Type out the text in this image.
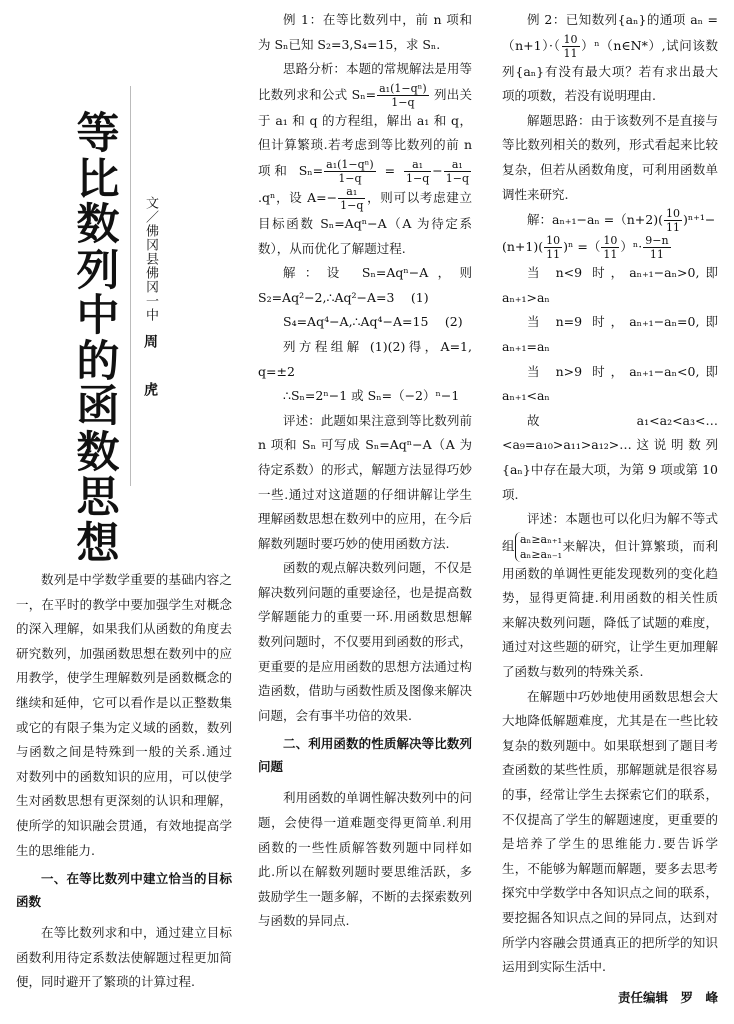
等比数列中的函数思想
文／佛冈县佛冈一中
周　虎

数列是中学数学重要的基础内容之一，在平时的教学中要加强学生对概念的深入理解，如果我们从函数的角度去研究数列，加强函数思想在数列中的应用教学，使学生理解数列是函数概念的继续和延伸，它可以看作是以正整数集或它的有限子集为定义域的函数，数列与函数之间是特殊到一般的关系.通过对数列中的函数知识的应用，可以使学生对函数思想有更深刻的认识和理解，使所学的知识融会贯通，有效地提高学生的思维能力.

一、在等比数列中建立恰当的目标函数

在等比数列求和中，通过建立目标函数利用待定系数法使解题过程更加简便，同时避开了繁琐的计算过程.

例 1：在等比数列中，前 n 项和为 Sₙ已知 S₂=3,S₄=15，求 Sₙ.

思路分析：本题的常规解法是用等比数列求和公式 $S_n= \frac{\text{a₁(1−qⁿ)}}{1-q}$ 列出关于 a₁ 和 q 的方程组，解出 a₁ 和 q，但计算繁琐.若考虑到等比数列的前 n 项和 $S_n= \frac{\text{a₁(1−qⁿ)}}{1-q} = \frac{\text{a₁}}{1-q} - \frac{\text{a₁}}{1-q}$
.qⁿ，设 $A=- \frac{\text{a₁}}{1-q}$ ，则可以考虑建立目标函数 Sₙ=Aqⁿ−A（A 为待定系数），从而优化了解题过程.

解：设 Sₙ=Aqⁿ−A，则 S₂=Aq²−2,∴Aq²−A=3　 (1)

S₄=Aq⁴−A,∴Aq⁴−A=15　 (2)

列方程组解 (1)(2)得，A=1, q=±2

∴Sₙ=2ⁿ−1 或 Sₙ=（−2）ⁿ−1

评述：此题如果注意到等比数列前 n 项和 Sₙ 可写成 Sₙ=Aqⁿ−A（A 为待定系数）的形式，解题方法显得巧妙一些.通过对这道题的仔细讲解让学生理解函数思想在数列中的应用，在今后解数列题时要巧妙的使用函数方法.

函数的观点解决数列问题，不仅是解决数列问题的重要途径，也是提高数学解题能力的重要一环.用函数思想解数列问题时，不仅要用到函数的形式，更重要的是应用函数的思想方法通过构造函数，借助与函数性质及图像来解决问题，会有事半功倍的效果.

二、利用函数的性质解决等比数列问题

利用函数的单调性解决数列中的问题，会使得一道难题变得更简单.利用函数的一些性质解答数列题中同样如此.所以在解数列题时要思维活跃，多鼓励学生一题多解，不断的去探索数列与函数的异同点.

例 2：已知数列{aₙ}的通项 $a_n =(n+1)\cdot( \frac{10}{11}$ ）ⁿ（n∈N*）,试问该数列{aₙ}有没有最大项？若有求出最大项的项数，若没有说明理由.

解题思路：由于该数列不是直接与等比数列相关的数列，形式看起来比较复杂，但若从函数角度，可利用函数单调性来研究.

解：$a_{n+1}-a_n =(n+2)( \frac{10}{11} )^{n+1}-$

$(n+1)( \frac{10}{11} )^n$ =（ $\frac{10}{11} )^n\cdot \frac{9-n}{11}$

当 n<9 时，aₙ₊₁−aₙ>0,即 aₙ₊₁>aₙ

当 n=9 时，aₙ₊₁−aₙ=0,即 aₙ₊₁=aₙ

当 n>9 时，aₙ₊₁−aₙ<0,即 aₙ₊₁<aₙ

故 a₁<a₂<a₃<…<a₉=a₁₀>a₁₁>a₁₂>…这说明数列{aₙ}中存在最大项，为第 9 项或第 10 项.

评述：本题也可以化归为解不等式组 aₙ≥aₙ₊₁
aₙ≥aₙ₋₁
来解决，但计算繁琐，而利用函数的单调性更能发现数列的变化趋势，显得更简捷.利用函数的相关性质来解决数列问题，降低了试题的难度，通过对这些题的研究，让学生更加理解了函数与数列的特殊关系.

在解题中巧妙地使用函数思想会大大地降低解题难度，尤其是在一些比较复杂的数列题中。如果联想到了题目考查函数的某些性质，那解题就是很容易的事，经常让学生去探索它们的联系，不仅提高了学生的解题速度，更重要的是培养了学生的思维能力.要告诉学生，不能够为解题而解题，要多去思考探究中学数学中各知识点之间的联系，要挖掘各知识点之间的异同点，达到对所学内容融会贯通真正的把所学的知识运用到实际生活中.

责任编辑　罗　峰
